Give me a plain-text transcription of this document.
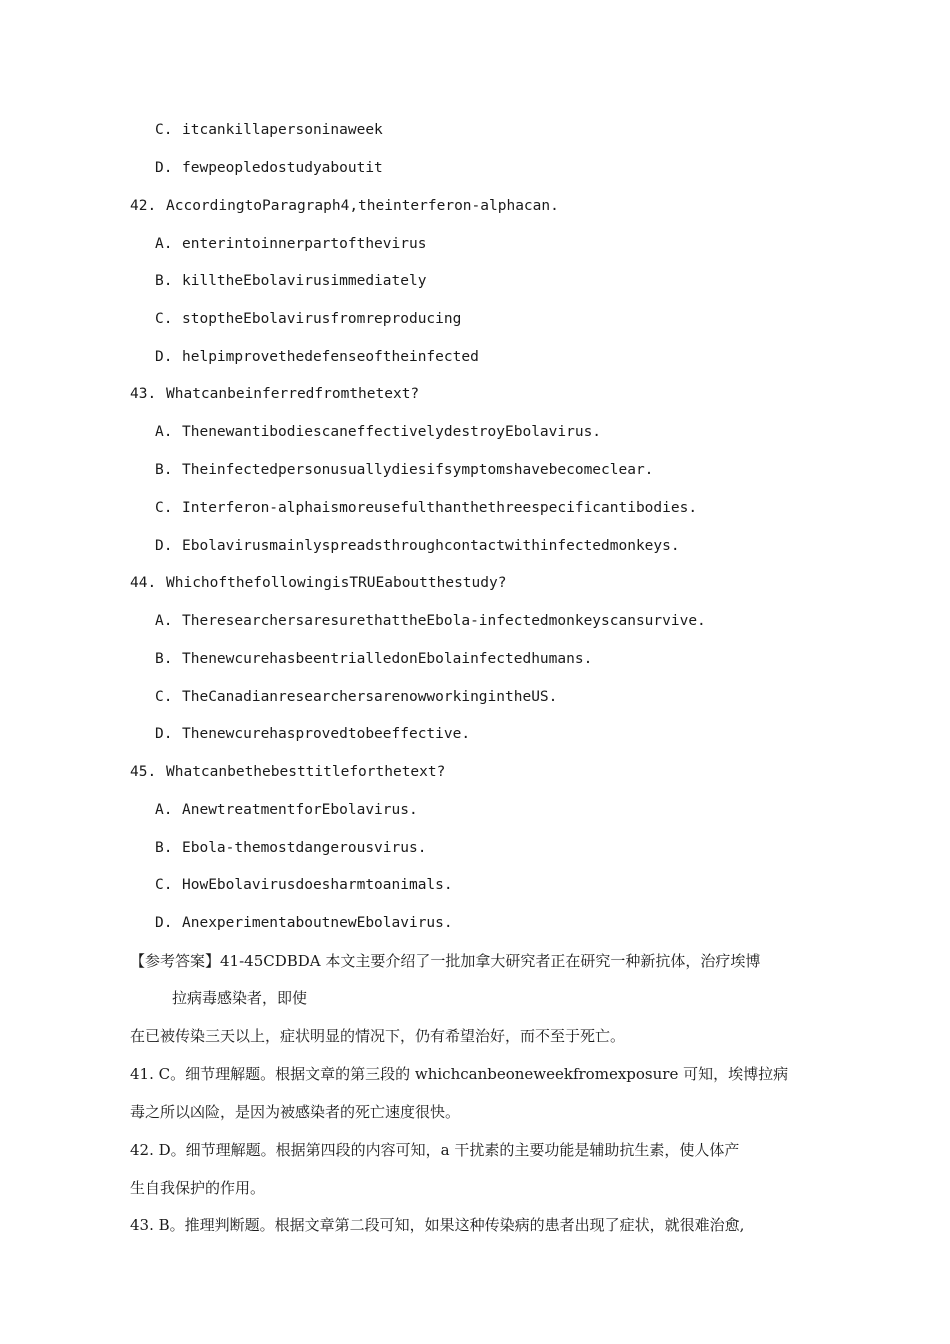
C. itcankillapersoninaweek
D. fewpeopledostudyaboutit
42. AccordingtoParagraph4,theinterferon-alphacan.
A. enterintoinnerpartofthevirus
B. killtheEbolavirusimmediately
C. stoptheEbolavirusfromreproducing
D. helpimprovethedefenseoftheinfected
43. Whatcanbeinferredfromthetext?
A. ThenewantibodiescaneffectivelydestroyEbolavirus.
B. Theinfectedpersonusuallydiesifsymptomshavebecomeclear.
C. Interferon-alphaismoreusefulthanthethreespecificantibodies.
D. Ebolavirusmainlyspreadsthroughcontactwithinfectedmonkeys.
44. WhichofthefollowingisTRUEaboutthestudy?
A. TheresearchersaresurethattheEbola-infectedmonkeyscansurvive.
B. ThenewcurehasbeentrialledonEbolainfectedhumans.
C. TheCanadianresearchersarenowworkingintheUS.
D. Thenewcurehasprovedtobeeffective.
45. Whatcanbethebesttitleforthetext?
A. AnewtreatmentforEbolavirus.
B. Ebola-themostdangerousvirus.
C. HowEbolavirusdoesharmtoanimals.
D. AnexperimentaboutnewEbolavirus.
【参考答案】41-45CDBDA 本文主要介绍了一批加拿大研究者正在研究一种新抗体，治疗埃博
拉病毒感染者，即使
在已被传染三天以上，症状明显的情况下，仍有希望治好，而不至于死亡。
41. C。细节理解题。根据文章的第三段的 whichcanbeoneweekfromexposure 可知，埃博拉病
毒之所以凶险，是因为被感染者的死亡速度很快。
42. D。细节理解题。根据第四段的内容可知，a 干扰素的主要功能是辅助抗生素，使人体产
生自我保护的作用。
43. B。推理判断题。根据文章第二段可知，如果这种传染病的患者出现了症状，就很难治愈,
